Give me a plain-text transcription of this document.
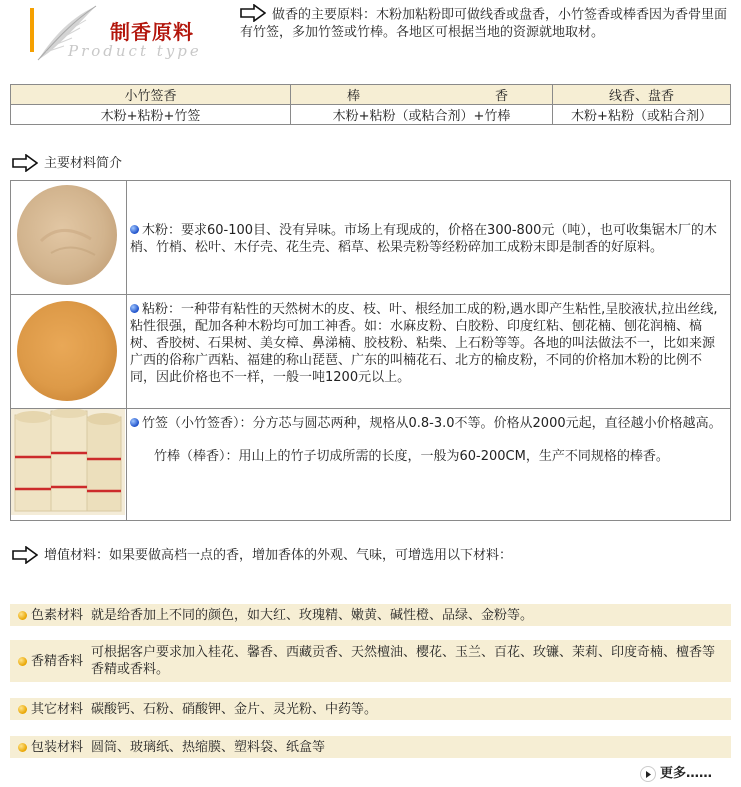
制香原料
Product type
做香的主要原料：木粉加粘粉即可做线香或盘香，小竹签香或棒香因为香骨里面有竹签，多加竹签或竹棒。各地区可根据当地的资源就地取材。
小竹签香	棒 香	线香、盘香
木粉+粘粉+竹签	木粉+粘粉（或粘合剂）+竹棒	木粉+粘粉（或粘合剂）
主要材料简介
	木粉：要求60-100目、没有异味。市场上有现成的，价格在300-800元（吨），也可收集锯木厂的木梢、竹梢、松叶、木仔壳、花生壳、稻草、松果壳粉等经粉碎加工成粉末即是制香的好原料。
	粘粉：一种带有粘性的天然树木的皮、枝、叶、根经加工成的粉,遇水即产生粘性,呈胶液状,拉出丝线,粘性很强，配加各种木粉均可加工神香。如：水麻皮粉、白胶粉、印度红粘、刨花楠、刨花润楠、槁树、香胶树、石果树、美女樟、鼻涕楠、胶枝粉、粘柴、上石粉等等。各地的叫法做法不一，比如来源广西的俗称广西粘、福建的称山琵琶、广东的叫楠花石、北方的榆皮粉，不同的价格加木粉的比例不同，因此价格也不一样，一般一吨1200元以上。
	竹签（小竹签香）：分方芯与圆芯两种，规格从0.8-3.0不等。价格从2000元起，直径越小价格越高。
竹棒（棒香）：用山上的竹子切成所需的长度，一般为60-200CM，生产不同规格的棒香。
增值材料：如果要做高档一点的香，增加香体的外观、气味，可增选用以下材料：
色素材料 就是给香加上不同的颜色，如大红、玫瑰精、嫩黄、碱性橙、品绿、金粉等。
香精香料
可根据客户要求加入桂花、馨香、西藏贡香、天然檀油、樱花、玉兰、百花、玫镰、茉莉、印度奇楠、檀香等香精或香料。
其它材料 碳酸钙、石粉、硝酸钾、金片、灵光粉、中药等。
包装材料 圆筒、玻璃纸、热缩膜、塑料袋、纸盒等
更多……
